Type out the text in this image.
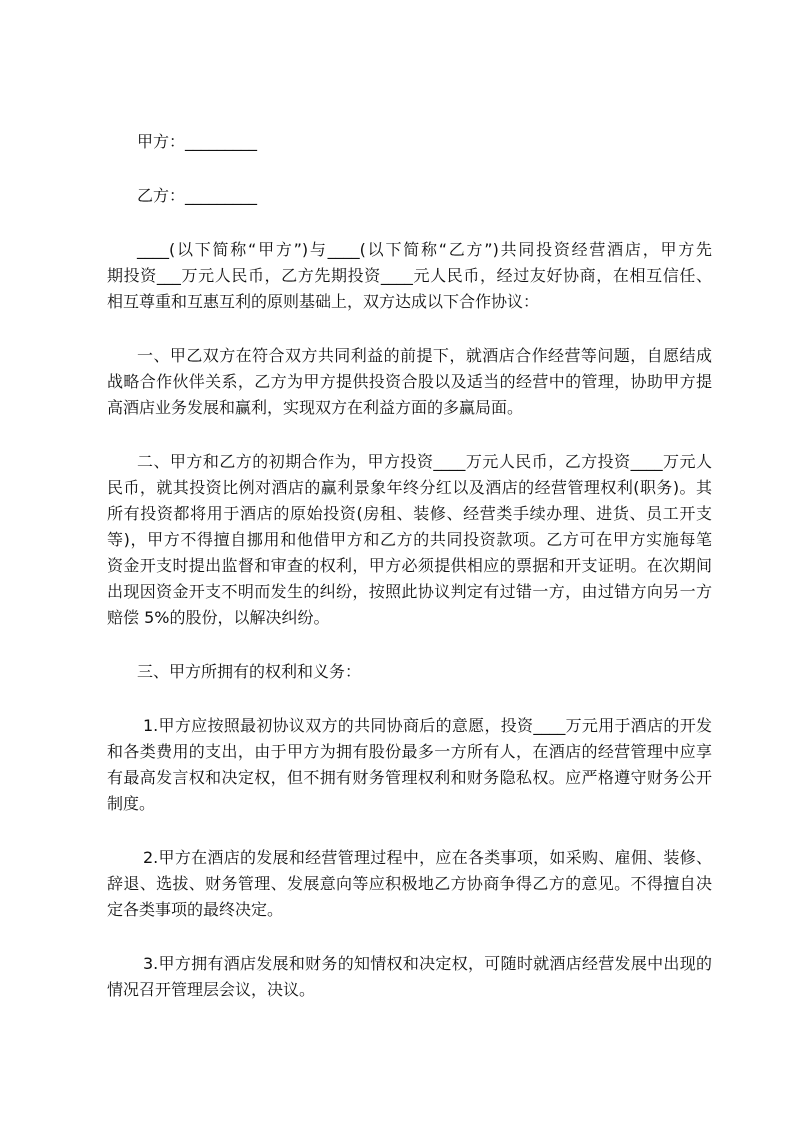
甲方：_________
乙方：_________
____(以下简称“甲方”)与____(以下简称“乙方”)共同投资经营酒店，甲方先
期投资___万元人民币，乙方先期投资____元人民币，经过友好协商，在相互信任、
相互尊重和互惠互利的原则基础上，双方达成以下合作协议：
一、甲乙双方在符合双方共同利益的前提下，就酒店合作经营等问题，自愿结成
战略合作伙伴关系，乙方为甲方提供投资合股以及适当的经营中的管理，协助甲方提
高酒店业务发展和赢利，实现双方在利益方面的多赢局面。
二、甲方和乙方的初期合作为，甲方投资____万元人民币，乙方投资____万元人
民币，就其投资比例对酒店的赢利景象年终分红以及酒店的经营管理权利(职务)。其
所有投资都将用于酒店的原始投资(房租、装修、经营类手续办理、进货、员工开支
等)，甲方不得擅自挪用和他借甲方和乙方的共同投资款项。乙方可在甲方实施每笔
资金开支时提出监督和审查的权利，甲方必须提供相应的票据和开支证明。在次期间
出现因资金开支不明而发生的纠纷，按照此协议判定有过错一方，由过错方向另一方
赔偿 5%的股份，以解决纠纷。
三、甲方所拥有的权利和义务：
1.甲方应按照最初协议双方的共同协商后的意愿，投资____万元用于酒店的开发
和各类费用的支出，由于甲方为拥有股份最多一方所有人，在酒店的经营管理中应享
有最高发言权和决定权，但不拥有财务管理权利和财务隐私权。应严格遵守财务公开
制度。
2.甲方在酒店的发展和经营管理过程中，应在各类事项，如采购、雇佣、装修、
辞退、选拔、财务管理、发展意向等应积极地乙方协商争得乙方的意见。不得擅自决
定各类事项的最终决定。
3.甲方拥有酒店发展和财务的知情权和决定权，可随时就酒店经营发展中出现的
情况召开管理层会议，决议。
